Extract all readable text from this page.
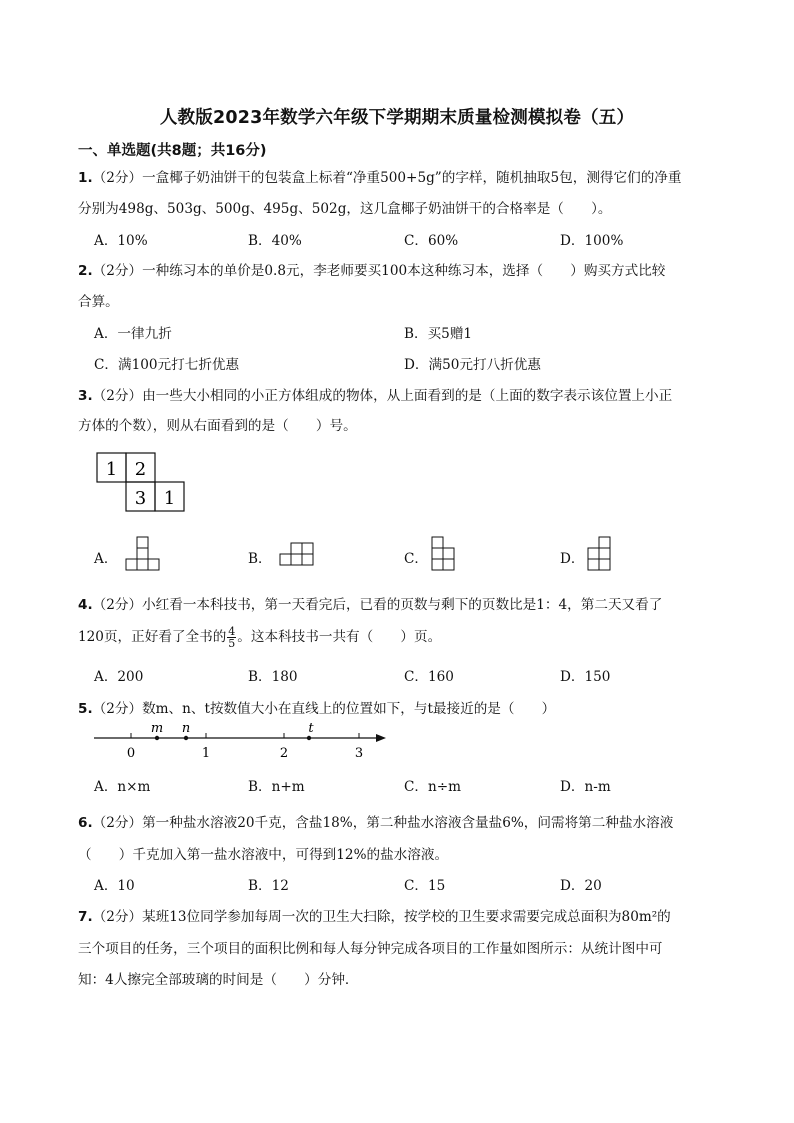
人教版2023年数学六年级下学期期末质量检测模拟卷（五）
一、单选题(共8题；共16分)
1.（2分）一盒椰子奶油饼干的包装盒上标着“净重500+5g”的字样，随机抽取5包，测得它们的净重
分别为498g、503g、500g、495g、502g，这几盒椰子奶油饼干的合格率是（　　）。
A．10%	B．40%	C．60%	D．100%
2.（2分）一种练习本的单价是0.8元，李老师要买100本这种练习本，选择（　　）购买方式比较
合算。
A．一律九折	B．买5赠1
C．满100元打七折优惠	D．满50元打八折优惠
3.（2分）由一些大小相同的小正方体组成的物体，从上面看到的是（上面的数字表示该位置上小正
方体的个数），则从右面看到的是（　　）号。
1 2
3 1
A．	B．	C．	D．
4.（2分）小红看一本科技书，第一天看完后，已看的页数与剩下的页数比是1：4，第二天又看了
120页，正好看了全书的 $\frac{4}{5}$ 。这本科技书一共有（　　）页。
A．200	B．180	C．160	D．150
5.（2分）数m、n、t按数值大小在直线上的位置如下，与t最接近的是（　　）
m n	t
0	1	2	3
A．n×m	B．n+m	C．n÷m	D．n-m
6.（2分）第一种盐水溶液20千克，含盐18%，第二种盐水溶液含量盐6%，问需将第二种盐水溶液
（　　）千克加入第一盐水溶液中，可得到12%的盐水溶液。
A．10	B．12	C．15	D．20
7.（2分）某班13位同学参加每周一次的卫生大扫除，按学校的卫生要求需要完成总面积为80m²的
三个项目的任务，三个项目的面积比例和每人每分钟完成各项目的工作量如图所示：从统计图中可
知：4人擦完全部玻璃的时间是（　　）分钟．
